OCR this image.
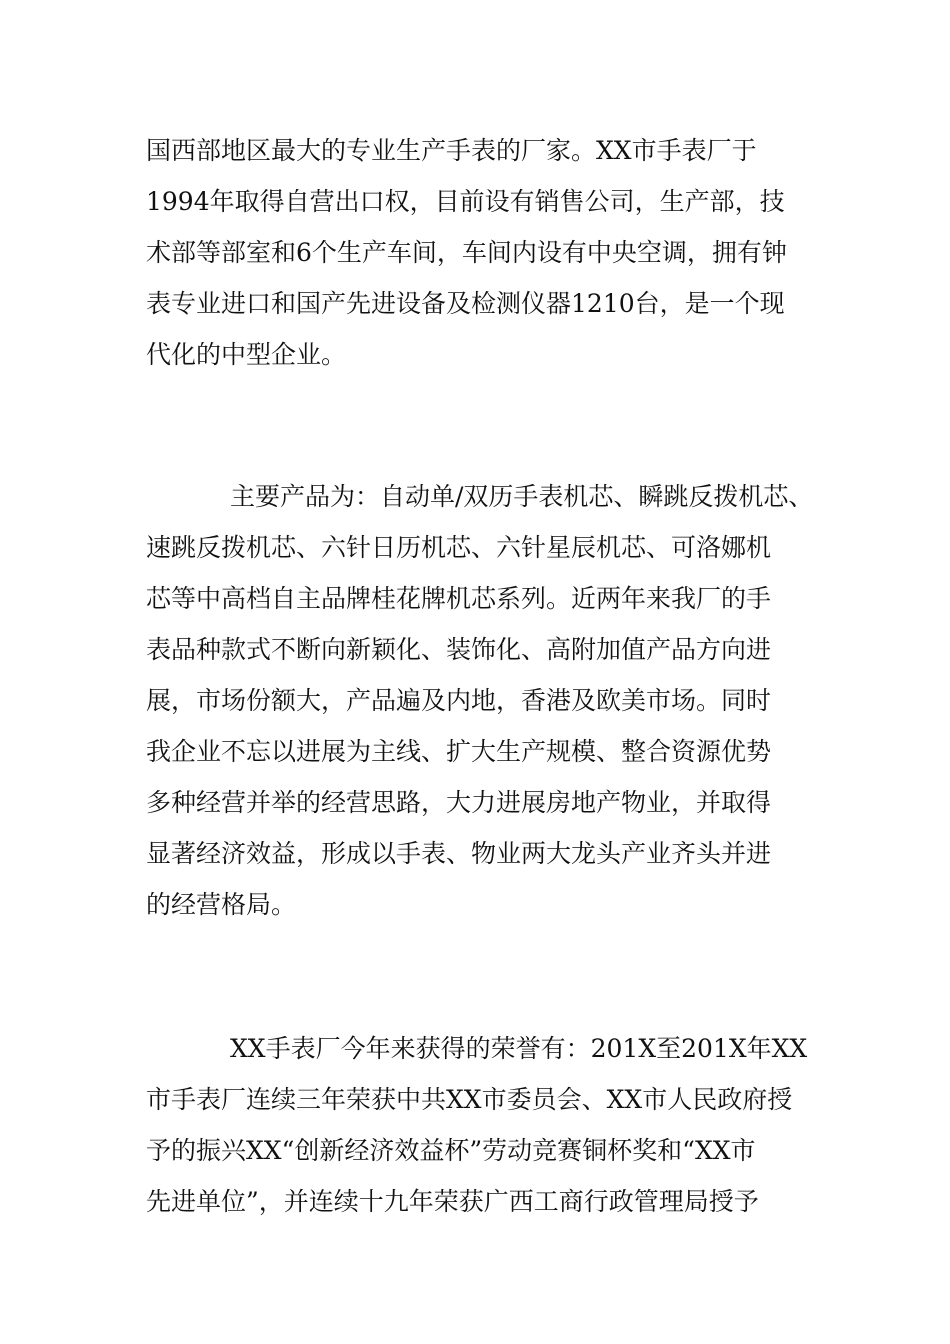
国西部地区最大的专业生产手表的厂家。XX市手表厂于
1994年取得自营出口权，目前设有销售公司，生产部，技
术部等部室和6个生产车间，车间内设有中央空调，拥有钟
表专业进口和国产先进设备及检测仪器1210台，是一个现
代化的中型企业。
主要产品为：自动单/双历手表机芯、瞬跳反拨机芯、
速跳反拨机芯、六针日历机芯、六针星辰机芯、可洛娜机
芯等中高档自主品牌桂花牌机芯系列。近两年来我厂的手
表品种款式不断向新颖化、装饰化、高附加值产品方向进
展，市场份额大，产品遍及内地，香港及欧美市场。同时
我企业不忘以进展为主线、扩大生产规模、整合资源优势
多种经营并举的经营思路，大力进展房地产物业，并取得
显著经济效益，形成以手表、物业两大龙头产业齐头并进
的经营格局。
XX手表厂今年来获得的荣誉有：201X至201X年XX
市手表厂连续三年荣获中共XX市委员会、XX市人民政府授
予的振兴XX“创新经济效益杯”劳动竞赛铜杯奖和“XX市
先进单位”，并连续十九年荣获广西工商行政管理局授予
